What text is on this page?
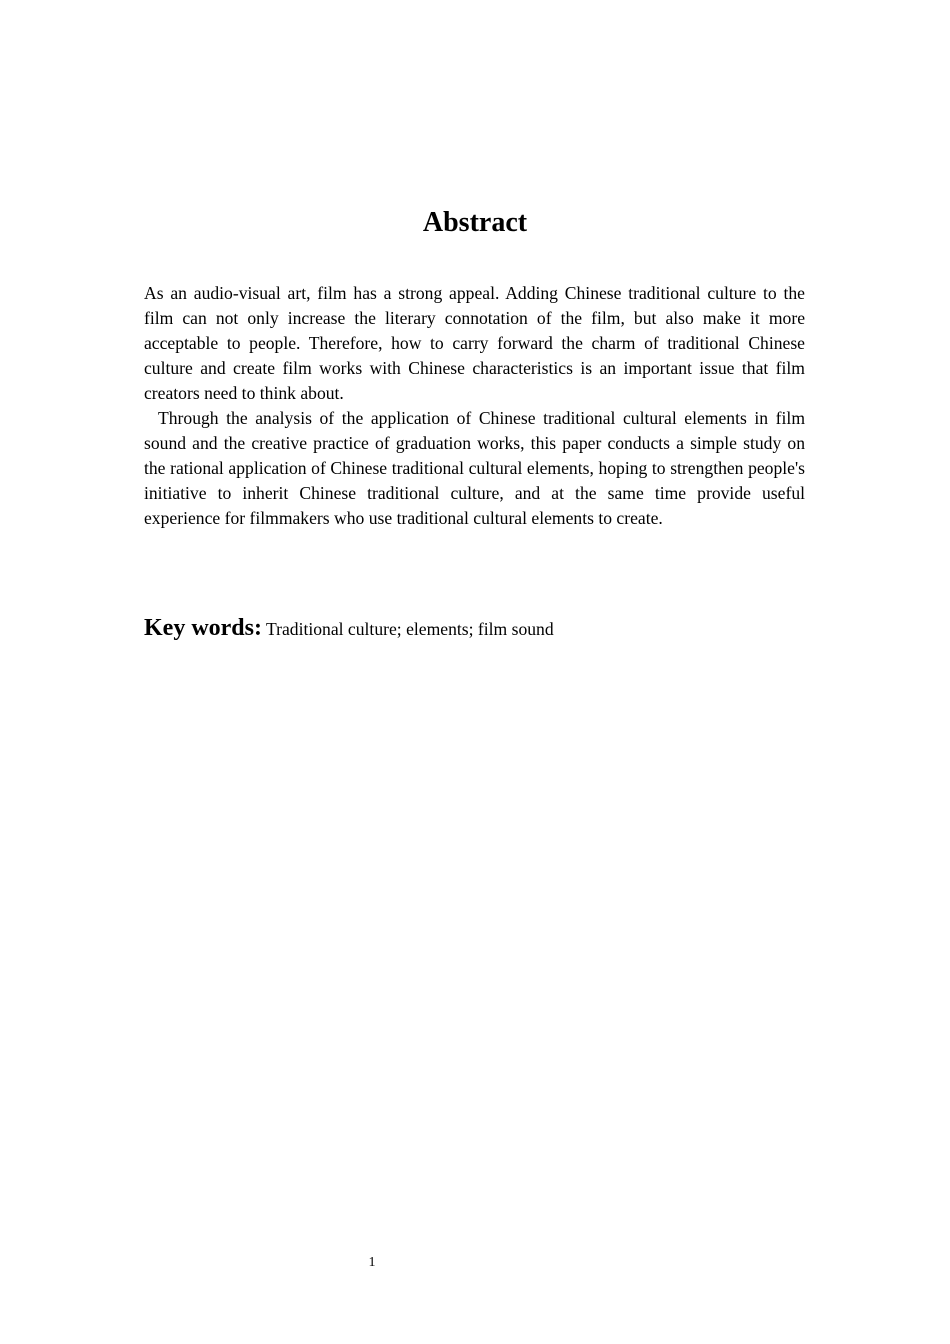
Abstract

As an audio-visual art, film has a strong appeal. Adding Chinese traditional culture to the film can not only increase the literary connotation of the film, but also make it more acceptable to people. Therefore, how to carry forward the charm of traditional Chinese culture and create film works with Chinese characteristics is an important issue that film creators need to think about.

Through the analysis of the application of Chinese traditional cultural elements in film sound and the creative practice of graduation works, this paper conducts a simple study on the rational application of Chinese traditional cultural elements, hoping to strengthen people's initiative to inherit Chinese traditional culture, and at the same time provide useful experience for filmmakers who use traditional cultural elements to create.

Key words: Traditional culture; elements; film sound
1
